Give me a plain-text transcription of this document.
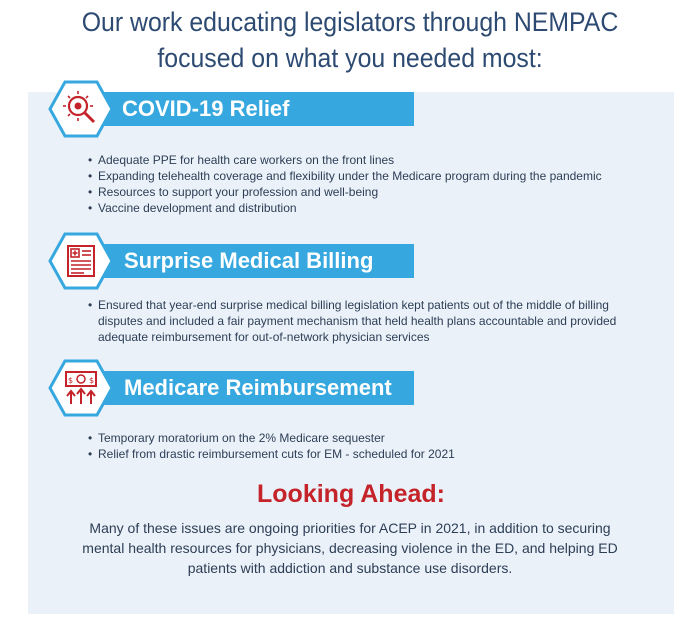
Our work educating legislators through NEMPAC
focused on what you needed most:
COVID-19 Relief
• Adequate PPE for health care workers on the front lines
• Expanding telehealth coverage and flexibility under the Medicare program during the pandemic
• Resources to support your profession and well-being
• Vaccine development and distribution
Surprise Medical Billing
• Ensured that year-end surprise medical billing legislation kept patients out of the middle of billing disputes and included a fair payment mechanism that held health plans accountable and provided adequate reimbursement for out-of-network physician services
Medicare Reimbursement
$ $
• Temporary moratorium on the 2% Medicare sequester
• Relief from drastic reimbursement cuts for EM - scheduled for 2021
Looking Ahead:
Many of these issues are ongoing priorities for ACEP in 2021, in addition to securing mental health resources for physicians, decreasing violence in the ED, and helping ED patients with addiction and substance use disorders.
